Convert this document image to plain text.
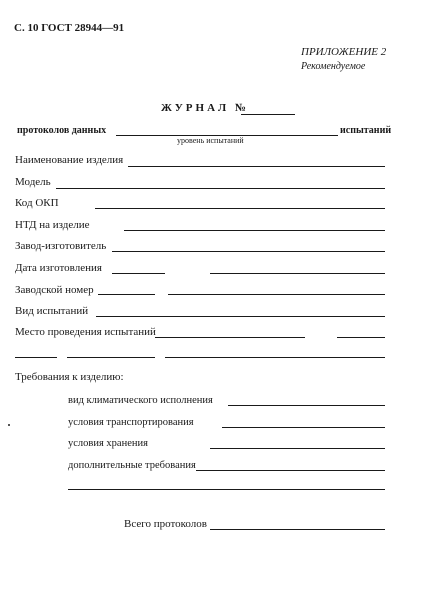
С. 10 ГОСТ 28944—91
ПРИЛОЖЕНИЕ 2
Рекомендуемое
ЖУРНАЛ №
протоколов данных	испытаний
уровень испытаний
Наименование изделия
Модель
Код ОКП
НТД на изделие
Завод-изготовитель
Дата изготовления
Заводской номер
Вид испытаний
Место проведения испытаний
Требования к изделию:
вид климатического исполнения
условия транспортирования
условия хранения
дополнительные требования
Всего протоколов
